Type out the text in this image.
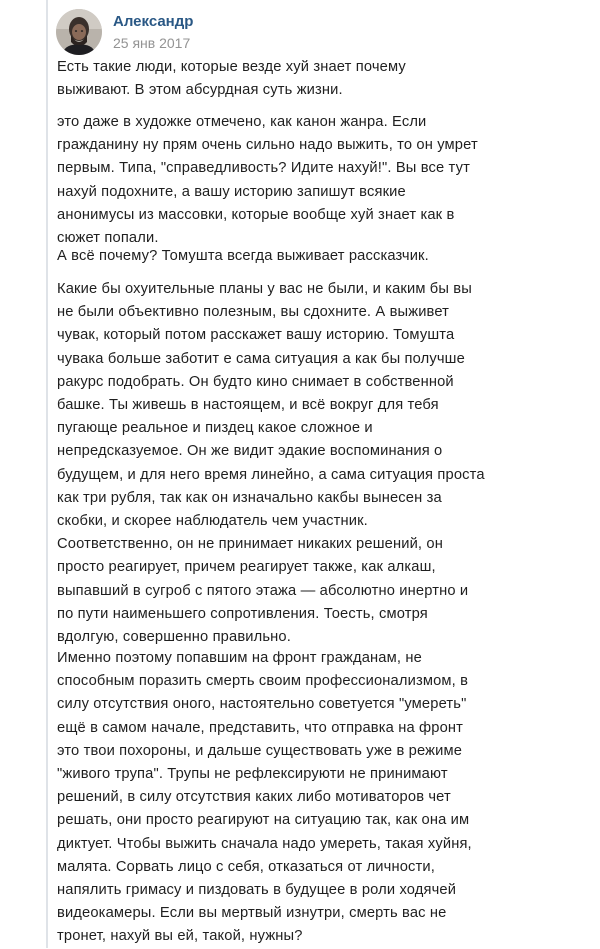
Александр
25 янв 2017

Есть такие люди, которые везде хуй знает почему
выживают. В этом абсурдная суть жизни.

это даже в художке отмечено, как канон жанра. Если
гражданину ну прям очень сильно надо выжить, то он умрет
первым. Типа, "справедливость? Идите нахуй!". Вы все тут
нахуй подохните, а вашу историю запишут всякие
анонимусы из массовки, которые вообще хуй знает как в
сюжет попали.

А всё почему? Томушта всегда выживает рассказчик.

Какие бы охуительные планы у вас не были, и каким бы вы
не были объективно полезным, вы сдохните. А выживет
чувак, который потом расскажет вашу историю. Томушта
чувака больше заботит е сама ситуация а как бы получше
ракурс подобрать. Он будто кино снимает в собственной
башке. Ты живешь в настоящем, и всё вокруг для тебя
пугающе реальное и пиздец какое сложное и
непредсказуемое. Он же видит эдакие воспоминания о
будущем, и для него время линейно, а сама ситуация проста
как три рубля, так как он изначально какбы вынесен за
скобки, и скорее наблюдатель чем участник.
Соответственно, он не принимает никаких решений, он
просто реагирует, причем реагирует также, как алкаш,
выпавший в сугроб с пятого этажа — абсолютно инертно и
по пути наименьшего сопротивления. Тоесть, смотря
вдолгую, совершенно правильно.

Именно поэтому попавшим на фронт гражданам, не
способным поразить смерть своим профессионализмом, в
силу отсутствия оного, настоятельно советуется "умереть"
ещё в самом начале, представить, что отправка на фронт
это твои похороны, и дальше существовать уже в режиме
"живого трупа". Трупы не рефлексируюти не принимают
решений, в силу отсутствия каких либо мотиваторов чет
решать, они просто реагируют на ситуацию так, как она им
диктует. Чтобы выжить сначала надо умереть, такая хуйня,
малята. Сорвать лицо с себя, отказаться от личности,
напялить гримасу и пиздовать в будущее в роли ходячей
видеокамеры. Если вы мертвый изнутри, смерть вас не
тронет, нахуй вы ей, такой, нужны?
